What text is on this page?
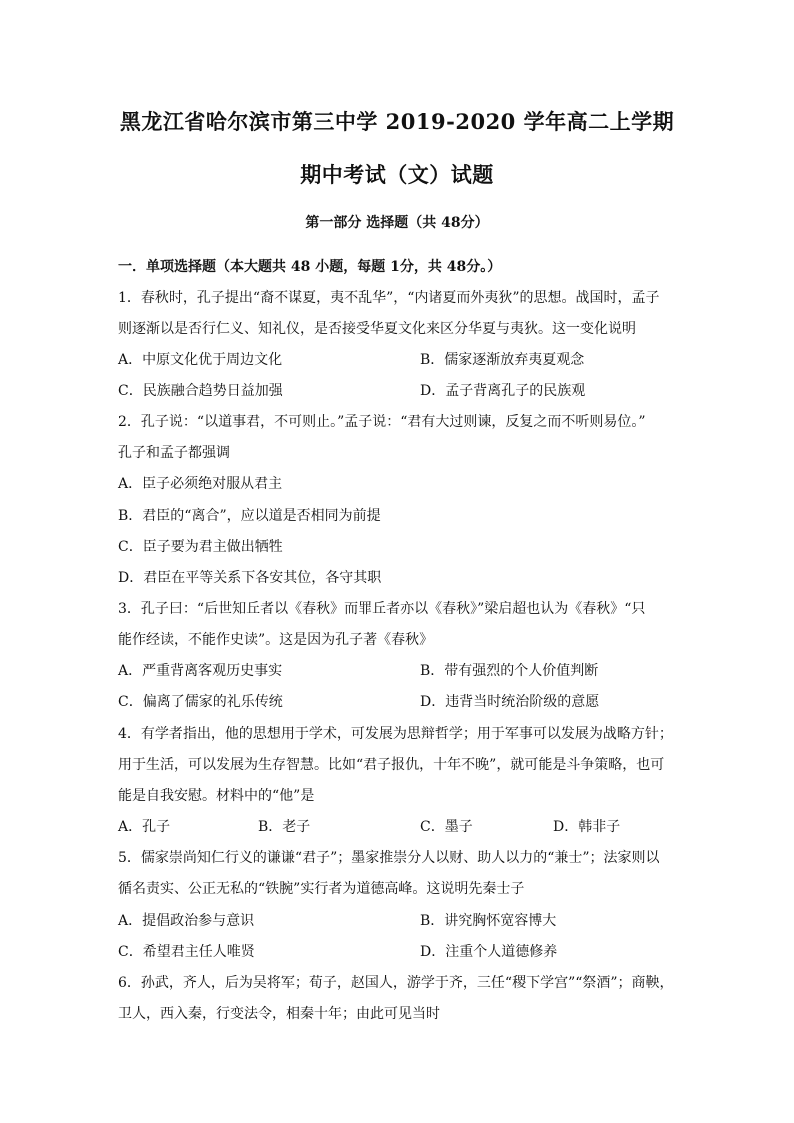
黑龙江省哈尔滨市第三中学 2019-2020 学年高二上学期
期中考试（文）试题
第一部分 选择题（共 48分）
一．单项选择题（本大题共 48 小题，每题 1分，共 48分。）
1．春秋时，孔子提出“裔不谋夏，夷不乱华”，“内诸夏而外夷狄”的思想。战国时，孟子
则逐渐以是否行仁义、知礼仪，是否接受华夏文化来区分华夏与夷狄。这一变化说明
A．中原文化优于周边文化	B．儒家逐渐放弃夷夏观念
C．民族融合趋势日益加强	D．孟子背离孔子的民族观
2．孔子说：“以道事君，不可则止。”孟子说：“君有大过则谏，反复之而不听则易位。”
孔子和孟子都强调
A．臣子必须绝对服从君主
B．君臣的“离合”，应以道是否相同为前提
C．臣子要为君主做出牺牲
D．君臣在平等关系下各安其位，各守其职
3．孔子曰：“后世知丘者以《春秋》而罪丘者亦以《春秋》”梁启超也认为《春秋》“只
能作经读，不能作史读”。这是因为孔子著《春秋》
A．严重背离客观历史事实	B．带有强烈的个人价值判断
C．偏离了儒家的礼乐传统	D．违背当时统治阶级的意愿
4．有学者指出，他的思想用于学术，可发展为思辩哲学；用于军事可以发展为战略方针；
用于生活，可以发展为生存智慧。比如“君子报仇，十年不晚”，就可能是斗争策略，也可
能是自我安慰。材料中的“他”是
A．孔子	B．老子	C．墨子	D．韩非子
5．儒家崇尚知仁行义的谦谦“君子”；墨家推崇分人以财、助人以力的“兼士”；法家则以
循名责实、公正无私的“铁腕”实行者为道德高峰。这说明先秦士子
A．提倡政治参与意识	B．讲究胸怀宽容博大
C．希望君主任人唯贤	D．注重个人道德修养
6．孙武，齐人，后为吴将军；荀子，赵国人，游学于齐，三任“稷下学宫”“祭酒”；商鞅，
卫人，西入秦，行变法令，相秦十年；由此可见当时
